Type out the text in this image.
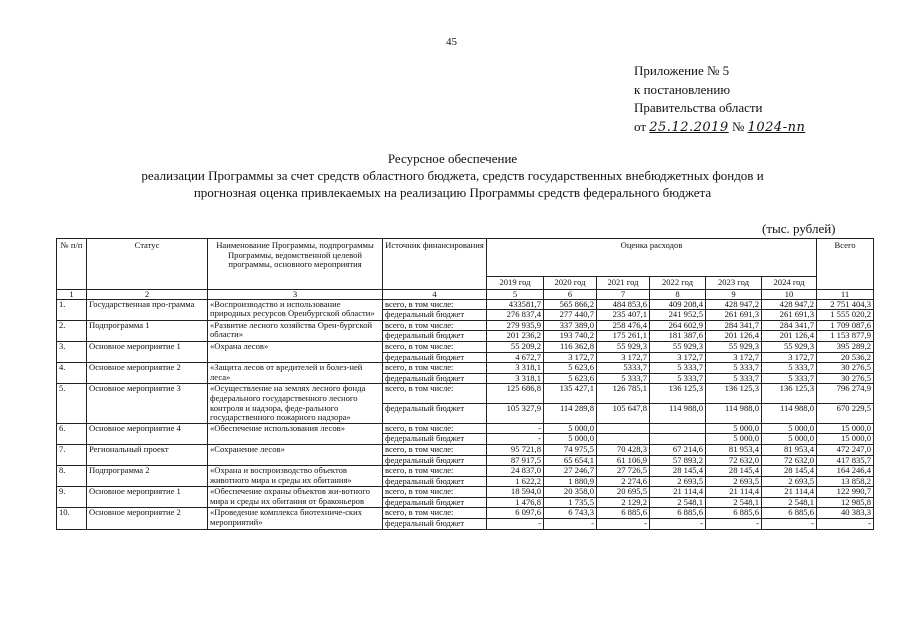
45
Приложение № 5
к постановлению
Правительства области
от 25.12.2019 № 1024-пп
Ресурсное обеспечение
реализации Программы за счет средств областного бюджета, средств государственных внебюджетных фондов и
прогнозная оценка привлекаемых на реализацию Программы средств федерального бюджета
(тыс. рублей)
№ п/п	Статус	Наименование Программы, подпрограммы Программы, ведомственной целевой программы, основного мероприятия	Источник финансирования	Оценка расходов						Всего
				2019 год	2020 год	2021 год	2022 год	2023 год	2024 год	
1	2	3	4	5	6	7	8	9	10	11
1.	Государственная про-грамма	«Воспроизводство и использование природных ресурсов Оренбургской области»	всего, в том числе:	433581,7	565 866,2	484 853,6	409 208,4	428 947,2	428 947,2	2 751 404,3
			федеральный бюджет	276 837,4	277 440,7	235 407,1	241 952,5	261 691,3	261 691,3	1 555 020,2
2.	Подпрограмма 1	«Развитие лесного хозяйства Орен-бургской области»	всего, в том числе:	279 935,9	337 389,0	258 476,4	264 602,9	284 341,7	284 341,7	1 709 087,6
			федеральный бюджет	201 236,2	193 740,2	175 261,1	181 387,6	201 126,4	201 126,4	1 153 877,9
3.	Основное мероприятие 1	«Охрана лесов»	всего, в том числе:	55 209,2	116 362,8	55 929,3	55 929,3	55 929,3	55 929,3	395 289,2
			федеральный бюджет	4 672,7	3 172,7	3 172,7	3 172,7	3 172,7	3 172,7	20 536,2
4.	Основное мероприятие 2	«Защита лесов от вредителей и болез-ней леса»	всего, в том числе:	3 318,1	5 623,6	5333,7	5 333,7	5 333,7	5 333,7	30 276,5
			федеральный бюджет	3 318,1	5 623,6	5 333,7	5 333,7	5 333,7	5 333,7	30 276,5
5.	Основное мероприятие 3	«Осуществление на землях лесного фонда федерального государственного лесного контроля и надзора, феде-рального государственного пожарного надзора»	всего, в том числе:	125 686,8	135 427,1	126 785,1	136 125,3	136 125,3	136 125,3	796 274,9
			федеральный бюджет	105 327,9	114 289,8	105 647,8	114 988,0	114 988,0	114 988,0	670 229,5
6.	Основное мероприятие 4	«Обеспечение использования лесов»	всего, в том числе:	-	5 000,0			5 000,0	5 000,0	15 000,0
			федеральный бюджет	-	5 000,0			5 000,0	5 000,0	15 000,0
7.	Региональный проект	«Сохранение лесов»	всего, в том числе:	95 721,8	74 975,5	70 428,3	67 214,6	81 953,4	81 953,4	472 247,0
			федеральный бюджет	87 917,5	65 654,1	61 106,9	57 893,2	72 632,0	72 632,0	417 835,7
8.	Подпрограмма 2	«Охрана и воспроизводство объектов животного мира и среды их обитания»	всего, в том числе:	24 837,0	27 246,7	27 726,5	28 145,4	28 145,4	28 145,4	164 246,4
			федеральный бюджет	1 622,2	1 880,9	2 274,6	2 693,5	2 693,5	2 693,5	13 858,2
9.	Основное мероприятие 1	«Обеспечение охраны объектов жи-вотного мира и среды их обитания от браконьеров	всего, в том числе:	18 594,0	20 358,0	20 695,5	21 114,4	21 114,4	21 114,4	122 990,7
			федеральный бюджет	1 476,8	1 735,5	2 129,2	2 548,1	2 548,1	2 548,1	12 985,8
10.	Основное мероприятие 2	«Проведение комплекса биотехниче-ских мероприятий»	всего, в том числе:	6 097,6	6 743,3	6 885,6	6 885,6	6 885,6	6 885,6	40 383,3
			федеральный бюджет	-	-	-	-	-	-	-
